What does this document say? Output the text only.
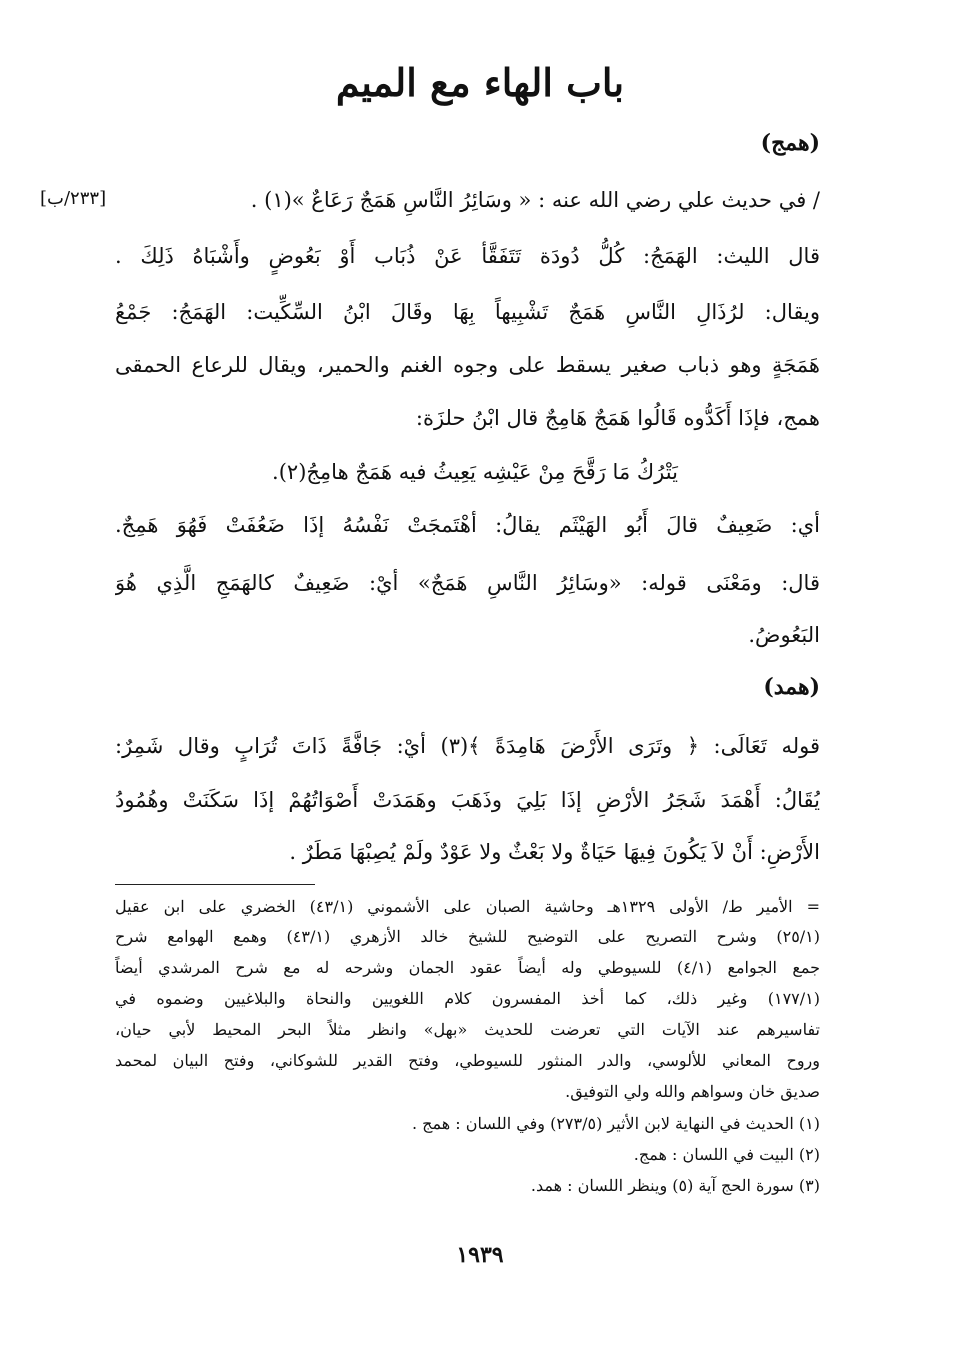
باب الهاء مع الميم
(همج)
[٢٣٣/ب]	/ في حديث علي رضي الله عنه : « وسَائِرُ النَّاسِ هَمَجٌ رَعَاعٌ »(١) .
قال الليث: الهَمَجُ: كُلُّ دُودَة تَتَفَقَّأ عَنْ ذُبَاب أَوْ بَعُوضٍ وأَشْبَاهُ ذَلِكَ .
ويقال: لرُذَالِ النَّاسِ هَمَجٌ تَشْبِيهاً بِهَا وقَالَ ابْنُ السِّكِّيت: الهَمَجُ: جَمْعُ
هَمَجَةٍ وهو ذباب صغير يسقط على وجوه الغنم والحمير، ويقال للرعاع الحمقى
همج، فإذَا أَكَدُّوه قَالُوا هَمَجٌ هَامِجٌ قال ابْنُ حلزَة:
يَتْرُكُ مَا رَقَّحَ مِنْ عَيْشِه يَعِيثُ فيه هَمَجٌ هامِجُ(٢).
أي: ضَعِيفٌ قالَ أَبُو الهَيْثَم يقالُ: أهْتَمجَتْ نَفْسُهُ إذَا ضَعُفَتْ فَهُوَ هَمِجٌ.
قال: ومَعْنَى قوله: «وسَائِرُ النَّاسِ هَمَجٌ» أيْ: ضَعِيفٌ كالهَمَجِ الَّذِي هُوَ
البَعُوضُ.
(همد)
قوله تَعَالَى: ﴿ وتَرَى الأَرْضَ هَامِدَةً ﴾(٣) أيْ: جَافَّةً ذَاتَ تُرَابٍ وقال شَمِرٌ:
يُقَالُ: أَهْمَدَ شَجَرُ الأرْضِ إذَا بَلِيَ وذَهَبَ وهَمَدَتْ أَصْوَاتُهُمْ إذَا سَكَنَتْ وهُمُودُ
الأَرْضِ: أَنْ لاَ يَكُونَ فِيهَا حَيَاةٌ ولا بَعْثٌ ولا عَوْدٌ ولَمْ يُصِبْهَا مَطَرٌ .
= الأمير ط/ الأولى ١٣٢٩هـ وحاشية الصبان على الأشموني (٤٣/١) الخضري على ابن عقيل
(٢٥/١) وشرح التصريح على التوضيح للشيخ خالد الأزهري (٤٣/١) وهمع الهوامع شرح
جمع الجوامع (٤/١) للسيوطي وله أيضاً عقود الجمان وشرحه له مع شرح المرشدي أيضاً
(١٧٧/١) وغير ذلك، كما أخذ المفسرون كلام اللغويين والنحاة والبلاغيين وضموه في
تفاسيرهم عند الآيات التي تعرضت للحديث «بهل» وانظر مثلاً البحر المحيط لأبي حيان،
وروح المعاني للألوسي، والدر المنثور للسيوطي، وفتح القدير للشوكاني، وفتح البيان لمحمد
صديق خان وسواهم والله ولي التوفيق.
(١) الحديث في النهاية لابن الأثير (٢٧٣/٥) وفي اللسان : همج .
(٢) البيت في اللسان : همج.
(٣) سورة الحج آية (٥) وينظر اللسان : همد.
١٩٣٩
